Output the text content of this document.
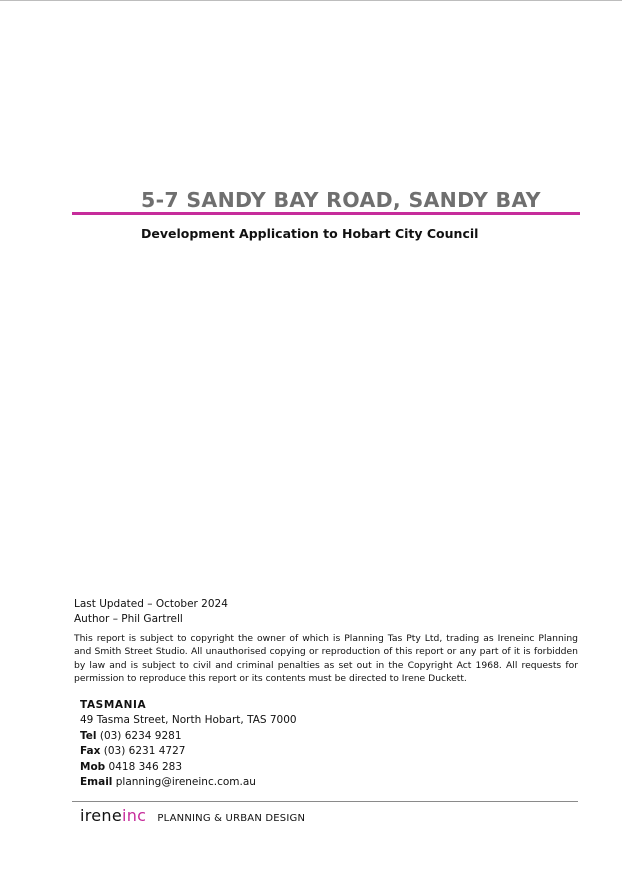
5-7 SANDY BAY ROAD, SANDY BAY
Development Application to Hobart City Council
Last Updated – October 2024
Author – Phil Gartrell
This report is subject to copyright the owner of which is Planning Tas Pty Ltd, trading as Ireneinc Planning and Smith Street Studio. All unauthorised copying or reproduction of this report or any part of it is forbidden by law and is subject to civil and criminal penalties as set out in the Copyright Act 1968. All requests for permission to reproduce this report or its contents must be directed to Irene Duckett.
TASMANIA
49 Tasma Street, North Hobart, TAS 7000
Tel (03) 6234 9281
Fax (03) 6231 4727
Mob 0418 346 283
Email planning@ireneinc.com.au
ireneinc PLANNING & URBAN DESIGN
